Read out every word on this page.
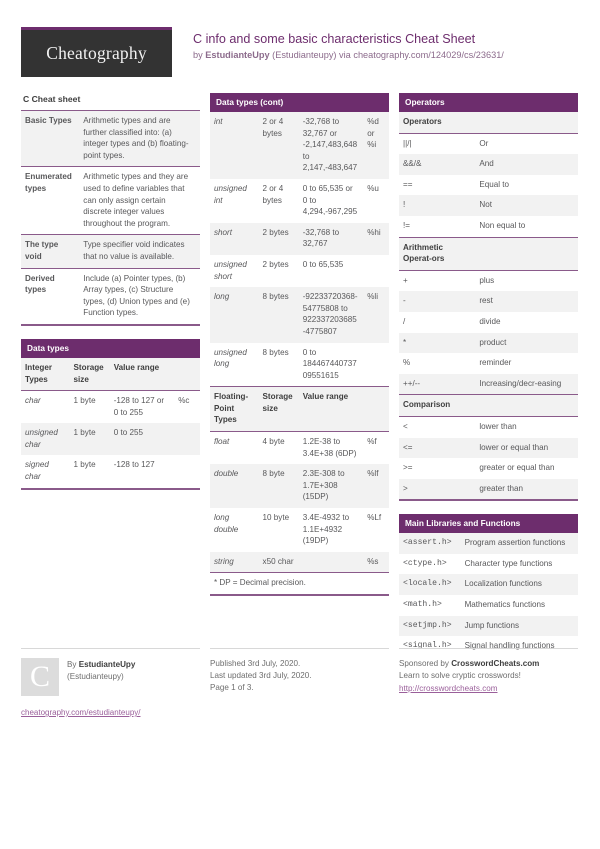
Cheatography
C info and some basic characteristics Cheat Sheet
by EstudianteUpy (Estudianteupy) via cheatography.com/124029/cs/23631/
C Cheat sheet
Basic Types	Arithmetic types and are further classified into: (a) integer types and (b) floating-point types.
Enumerated types	Arithmetic types and they are used to define variables that can only assign certain discrete integer values throughout the program.
The type void	Type specifier void indicates that no value is available.
Derived types	Include (a) Pointer types, (b) Array types, (c) Structure types, (d) Union types and (e) Function types.
Data types
Integer Types	Storage size	Value range	
char	1 byte	-128 to 127 or 0 to 255	%c
unsigned char	1 byte	0 to 255	
signed char	1 byte	-128 to 127	
Data types (cont)
int	2 or 4 bytes	-32,768 to 32,767 or -2,147,483,648 to 2,147,-483,647	%d or %i
unsigned int	2 or 4 bytes	0 to 65,535 or 0 to 4,294,-967,295	%u
short	2 bytes	-32,768 to 32,767	%hi
unsigned short	2 bytes	0 to 65,535	
long	8 bytes	-92233720368-54775808 to 922337203685-4775807	%li
unsigned long	8 bytes	0 to 18446744073709551615	
Floating-Point Types	Storage size	Value range	
float	4 byte	1.2E-38 to 3.4E+38 (6DP)	%f
double	8 byte	2.3E-308 to 1.7E+308 (15DP)	%lf
long double	10 byte	3.4E-4932 to 1.1E+4932 (19DP)	%Lf
string	x50 char		%s
* DP = Decimal precision.
Operators
Operators	
||/|	Or
&&/&	And
==	Equal to
!	Not
!=	Non equal to
Arithmetic Operat-ors	
+	plus
-	rest
/	divide
*	product
%	reminder
++/--	Increasing/decr-easing
Comparison	
<	lower than
<=	lower or equal than
>=	greater or equal than
>	greater than
Main Libraries and Functions
<assert.h>	Program assertion functions
<ctype.h>	Character type functions
<locale.h>	Localization functions
<math.h>	Mathematics functions
<setjmp.h>	Jump functions
<signal.h>	Signal handling functions
C	By EstudianteUpy
(Estudianteupy)
cheatography.com/estudianteupy/
Published 3rd July, 2020.
Last updated 3rd July, 2020.
Page 1 of 3.
Sponsored by CrosswordCheats.com
Learn to solve cryptic crosswords!
http://crosswordcheats.com
